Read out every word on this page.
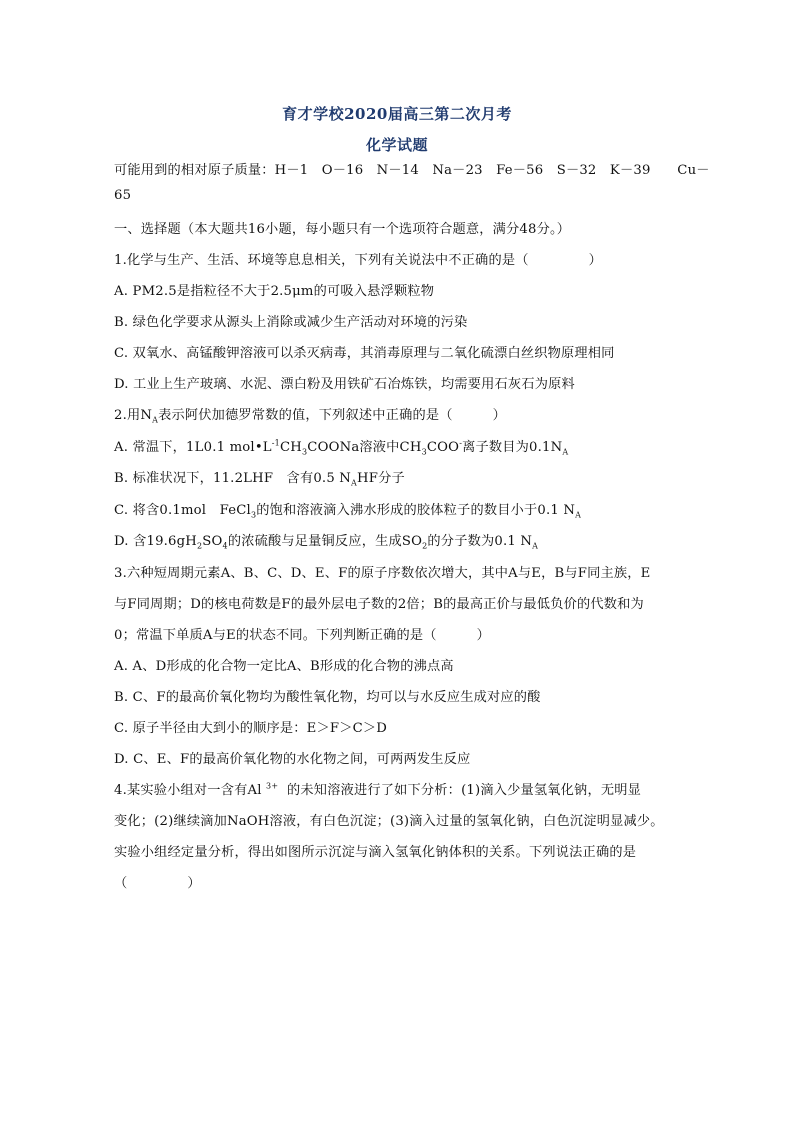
育才学校2020届高三第二次月考
化学试题
可能用到的相对原子质量：H－1　O－16　N－14　Na－23　Fe－56　S－32　K－39　　Cu－
65
一、选择题（本大题共16小题，每小题只有一个选项符合题意，满分48分。）
1.化学与生产、生活、环境等息息相关，下列有关说法中不正确的是（	）
A. PM2.5是指粒径不大于2.5μm的可吸入悬浮颗粒物
B. 绿色化学要求从源头上消除或减少生产活动对环境的污染
C. 双氧水、高锰酸钾溶液可以杀灭病毒，其消毒原理与二氧化硫漂白丝织物原理相同
D. 工业上生产玻璃、水泥、漂白粉及用铁矿石冶炼铁，均需要用石灰石为原料
2.用$N_A$表示阿伏加德罗常数的值，下列叙述中正确的是（	）
A. 常温下，1L0.1 $mol•L^{-1}CH_3COONa$溶液中$CH_3COO^-$离子数目为$0.1N_A$
B. 标准状况下，11.2LHF　含有0.5 $N_AHF$分子
C. 将含0.1mol　FeCl$_3$的饱和溶液滴入沸水形成的胶体粒子的数目小于0.1 $N_A$
D. 含$19.6gH_2SO_4$的浓硫酸与足量铜反应，生成$SO_2$的分子数为0.1 $N_A$
3.六种短周期元素A、B、C、D、E、F的原子序数依次增大，其中A与E，B与F同主族，E
与F同周期；D的核电荷数是F的最外层电子数的2倍；B的最高正价与最低负价的代数和为
0；常温下单质A与E的状态不同。下列判断正确的是（	）
A. A、D形成的化合物一定比A、B形成的化合物的沸点高
B. C、F的最高价氧化物均为酸性氧化物，均可以与水反应生成对应的酸
C. 原子半径由大到小的顺序是：E＞F＞C＞D
D. C、E、F的最高价氧化物的水化物之间，可两两发生反应
4.某实验小组对一含有Al $^{3+}$ 的未知溶液进行了如下分析：(1)滴入少量氢氧化钠，无明显
变化；(2)继续滴加NaOH溶液，有白色沉淀；(3)滴入过量的氢氧化钠，白色沉淀明显减少。
实验小组经定量分析，得出如图所示沉淀与滴入氢氧化钠体积的关系。下列说法正确的是
（	）
